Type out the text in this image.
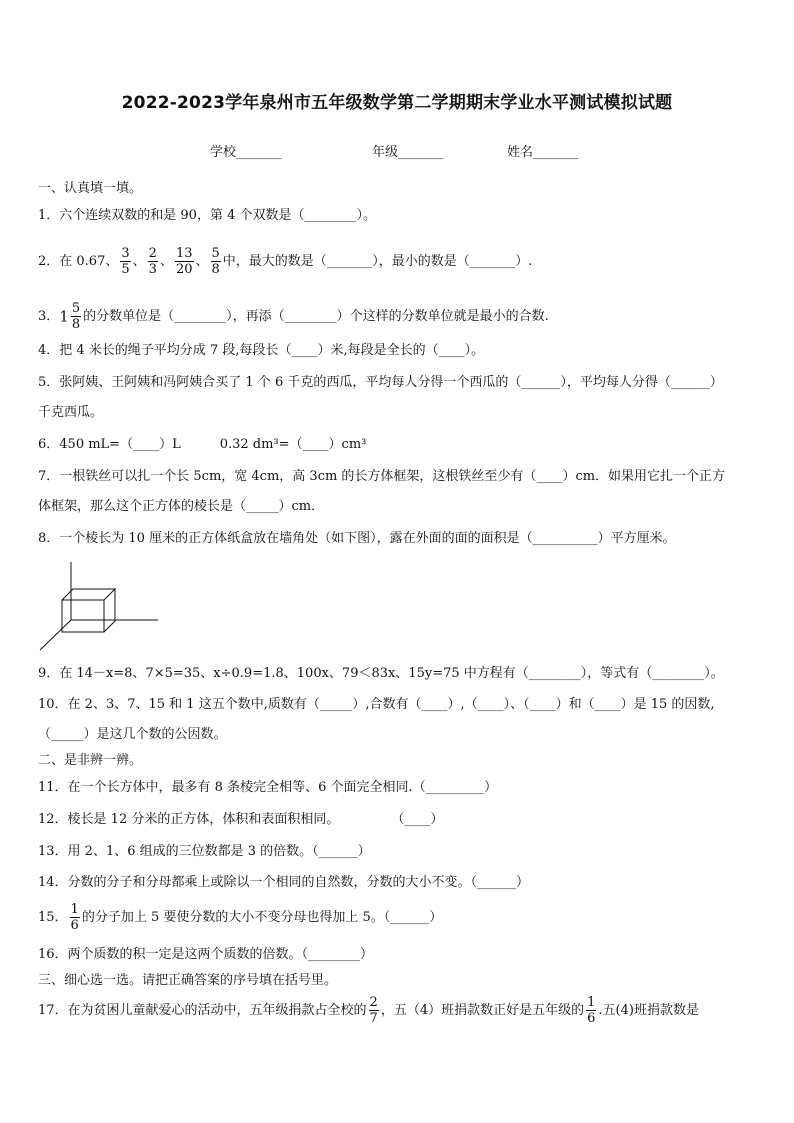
2022-2023学年泉州市五年级数学第二学期期末学业水平测试模拟试题
学校_______	年级_______	姓名_______
一、认真填一填。
1．六个连续双数的和是 90，第 4 个双数是（________）。
2．在 0.67、 $\frac{3}{5}$ 、 $\frac{2}{3}$ 、 $\frac{13}{20}$ 、 $\frac{5}{8}$ 中，最大的数是（_______），最小的数是（_______）.
3．$1 \frac{5}{8}$ 的分数单位是（________），再添（________）个这样的分数单位就是最小的合数.
4．把 4 米长的绳子平均分成 7 段,每段长（____）米,每段是全长的（____）。
5．张阿姨、王阿姨和冯阿姨合买了 1 个 6 千克的西瓜，平均每人分得一个西瓜的（______），平均每人分得（______）
千克西瓜。
6．450 mL=（____）L　　　0.32 dm³=（____）cm³
7．一根铁丝可以扎一个长 5cm，宽 4cm，高 3cm 的长方体框架，这根铁丝至少有（____）cm．如果用它扎一个正方
体框架，那么这个正方体的棱长是（_____）cm．
8．一个棱长为 10 厘米的正方体纸盒放在墙角处（如下图），露在外面的面的面积是（__________）平方厘米。
9．在 14－x=8、7×5=35、x÷0.9=1.8、100x、79＜83x、15y=75 中方程有（________），等式有（________）。
10．在 2、3、7、15 和 1 这五个数中,质数有（_____）,合数有（____）,（____）、（____）和（____）是 15 的因数,
（_____）是这几个数的公因数。
二、是非辨一辨。
11．在一个长方体中，最多有 8 条棱完全相等、6 个面完全相同.（_________）
12．棱长是 12 分米的正方体，体积和表面积相同。　　　　　（____）
13．用 2、1、6 组成的三位数都是 3 的倍数。（______）
14．分数的分子和分母都乘上或除以一个相同的自然数，分数的大小不变。（______）
15． $\frac{1}{6}$ 的分子加上 5 要使分数的大小不变分母也得加上 5。（______）
16．两个质数的积一定是这两个质数的倍数。（________）
三、细心选一选。请把正确答案的序号填在括号里。
17．在为贫困儿童献爱心的活动中，五年级捐款占全校的 $\frac{2}{7}$ ，五（4）班捐款数正好是五年级的 $\frac{1}{6}$ .五(4)班捐款数是
